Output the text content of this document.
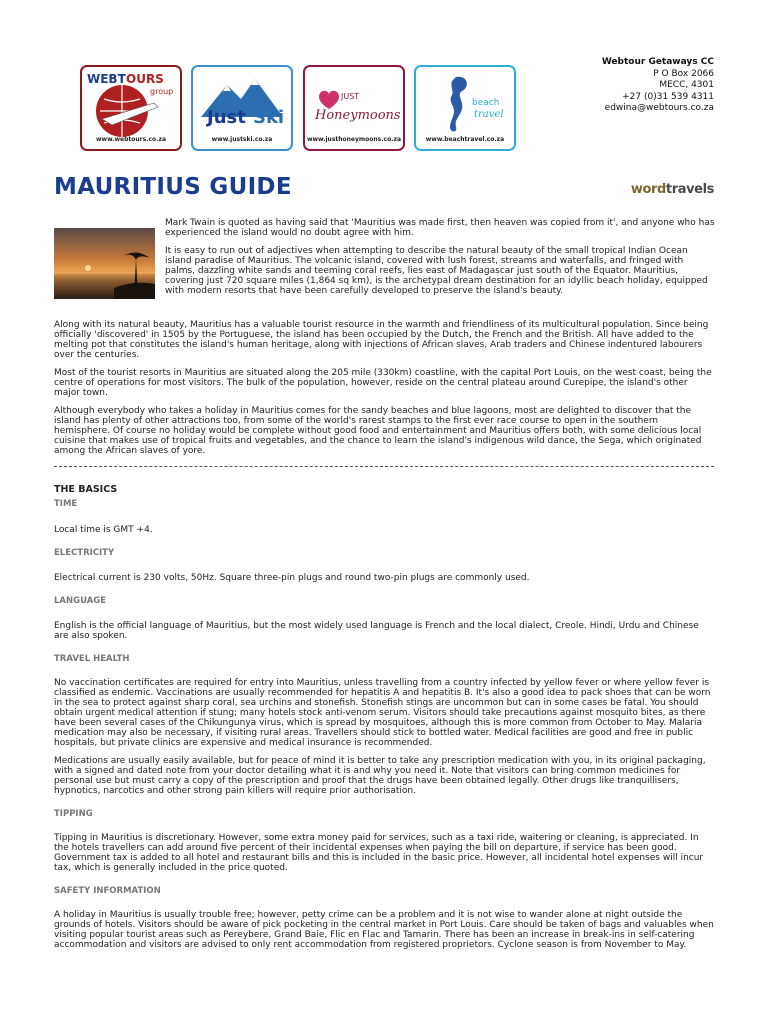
WEBT OURS
group
www.webtours.co.za
Just Ski
www.justski.co.za
JUST
Honeymoons
www.justhoneymoons.co.za
beach
travel
www.beachtravel.co.za
Webtour Getaways CC
P O Box 2066
MECC, 4301
+27 (0)31 539 4311
edwina@webtours.co.za
MAURITIUS GUIDE	wordtravels

Mark Twain is quoted as having said that 'Mauritius was made first, then heaven was copied from it', and anyone who has experienced the island would no doubt agree with him.

It is easy to run out of adjectives when attempting to describe the natural beauty of the small tropical Indian Ocean island paradise of Mauritius. The volcanic island, covered with lush forest, streams and waterfalls, and fringed with palms, dazzling white sands and teeming coral reefs, lies east of Madagascar just south of the Equator. Mauritius, covering just 720 square miles (1,864 sq km), is the archetypal dream destination for an idyllic beach holiday, equipped with modern resorts that have been carefully developed to preserve the island's beauty.

Along with its natural beauty, Mauritius has a valuable tourist resource in the warmth and friendliness of its multicultural population. Since being officially 'discovered' in 1505 by the Portuguese, the island has been occupied by the Dutch, the French and the British. All have added to the melting pot that constitutes the island's human heritage, along with injections of African slaves, Arab traders and Chinese indentured labourers over the centuries.

Most of the tourist resorts in Mauritius are situated along the 205 mile (330km) coastline, with the capital Port Louis, on the west coast, being the centre of operations for most visitors. The bulk of the population, however, reside on the central plateau around Curepipe, the island's other major town.

Although everybody who takes a holiday in Mauritius comes for the sandy beaches and blue lagoons, most are delighted to discover that the island has plenty of other attractions too, from some of the world's rarest stamps to the first ever race course to open in the southern hemisphere. Of course no holiday would be complete without good food and entertainment and Mauritius offers both, with some delicious local cuisine that makes use of tropical fruits and vegetables, and the chance to learn the island's indigenous wild dance, the Sega, which originated among the African slaves of yore.

THE BASICS
TIME

Local time is GMT +4.

ELECTRICITY

Electrical current is 230 volts, 50Hz. Square three-pin plugs and round two-pin plugs are commonly used.

LANGUAGE

English is the official language of Mauritius, but the most widely used language is French and the local dialect, Creole. Hindi, Urdu and Chinese are also spoken.

TRAVEL HEALTH

No vaccination certificates are required for entry into Mauritius, unless travelling from a country infected by yellow fever or where yellow fever is classified as endemic. Vaccinations are usually recommended for hepatitis A and hepatitis B. It's also a good idea to pack shoes that can be worn in the sea to protect against sharp coral, sea urchins and stonefish. Stonefish stings are uncommon but can in some cases be fatal. You should obtain urgent medical attention if stung; many hotels stock anti-venom serum. Visitors should take precautions against mosquito bites, as there have been several cases of the Chikungunya virus, which is spread by mosquitoes, although this is more common from October to May. Malaria medication may also be necessary, if visiting rural areas. Travellers should stick to bottled water. Medical facilities are good and free in public hospitals, but private clinics are expensive and medical insurance is recommended.

Medications are usually easily available, but for peace of mind it is better to take any prescription medication with you, in its original packaging, with a signed and dated note from your doctor detailing what it is and why you need it. Note that visitors can bring common medicines for personal use but must carry a copy of the prescription and proof that the drugs have been obtained legally. Other drugs like tranquillisers, hypnotics, narcotics and other strong pain killers will require prior authorisation.

TIPPING

Tipping in Mauritius is discretionary. However, some extra money paid for services, such as a taxi ride, waitering or cleaning, is appreciated. In the hotels travellers can add around five percent of their incidental expenses when paying the bill on departure, if service has been good. Government tax is added to all hotel and restaurant bills and this is included in the basic price. However, all incidental hotel expenses will incur tax, which is generally included in the price quoted.

SAFETY INFORMATION

A holiday in Mauritius is usually trouble free; however, petty crime can be a problem and it is not wise to wander alone at night outside the grounds of hotels. Visitors should be aware of pick pocketing in the central market in Port Louis. Care should be taken of bags and valuables when visiting popular tourist areas such as Pereybere, Grand Baie, Flic en Flac and Tamarin. There has been an increase in break-ins in self-catering accommodation and visitors are advised to only rent accommodation from registered proprietors. Cyclone season is from November to May.
